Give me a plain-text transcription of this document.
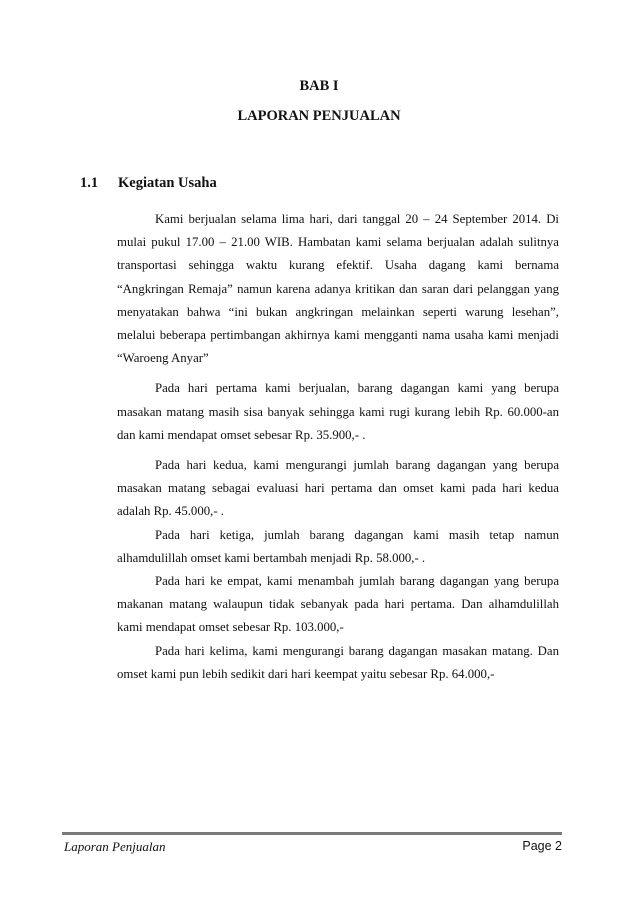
BAB I
LAPORAN PENJUALAN
1.1 Kegiatan Usaha

Kami berjualan selama lima hari, dari tanggal 20 – 24 September 2014. Di mulai pukul 17.00 – 21.00 WIB. Hambatan kami selama berjualan adalah sulitnya transportasi sehingga waktu kurang efektif. Usaha dagang kami bernama “Angkringan Remaja” namun karena adanya kritikan dan saran dari pelanggan yang menyatakan bahwa “ini bukan angkringan melainkan seperti warung lesehan”, melalui beberapa pertimbangan akhirnya kami mengganti nama usaha kami menjadi “Waroeng Anyar”

Pada hari pertama kami berjualan, barang dagangan kami yang berupa masakan matang masih sisa banyak sehingga kami rugi kurang lebih Rp. 60.000-an dan kami mendapat omset sebesar Rp. 35.900,- .

Pada hari kedua, kami mengurangi jumlah barang dagangan yang berupa masakan matang sebagai evaluasi hari pertama dan omset kami pada hari kedua adalah Rp. 45.000,- .

Pada hari ketiga, jumlah barang dagangan kami masih tetap namun alhamdulillah omset kami bertambah menjadi Rp. 58.000,- .

Pada hari ke empat, kami menambah jumlah barang dagangan yang berupa makanan matang walaupun tidak sebanyak pada hari pertama. Dan alhamdulillah kami mendapat omset sebesar Rp. 103.000,-

Pada hari kelima, kami mengurangi barang dagangan masakan matang. Dan omset kami pun lebih sedikit dari hari keempat yaitu sebesar Rp. 64.000,-

Laporan Penjualan	Page 2
